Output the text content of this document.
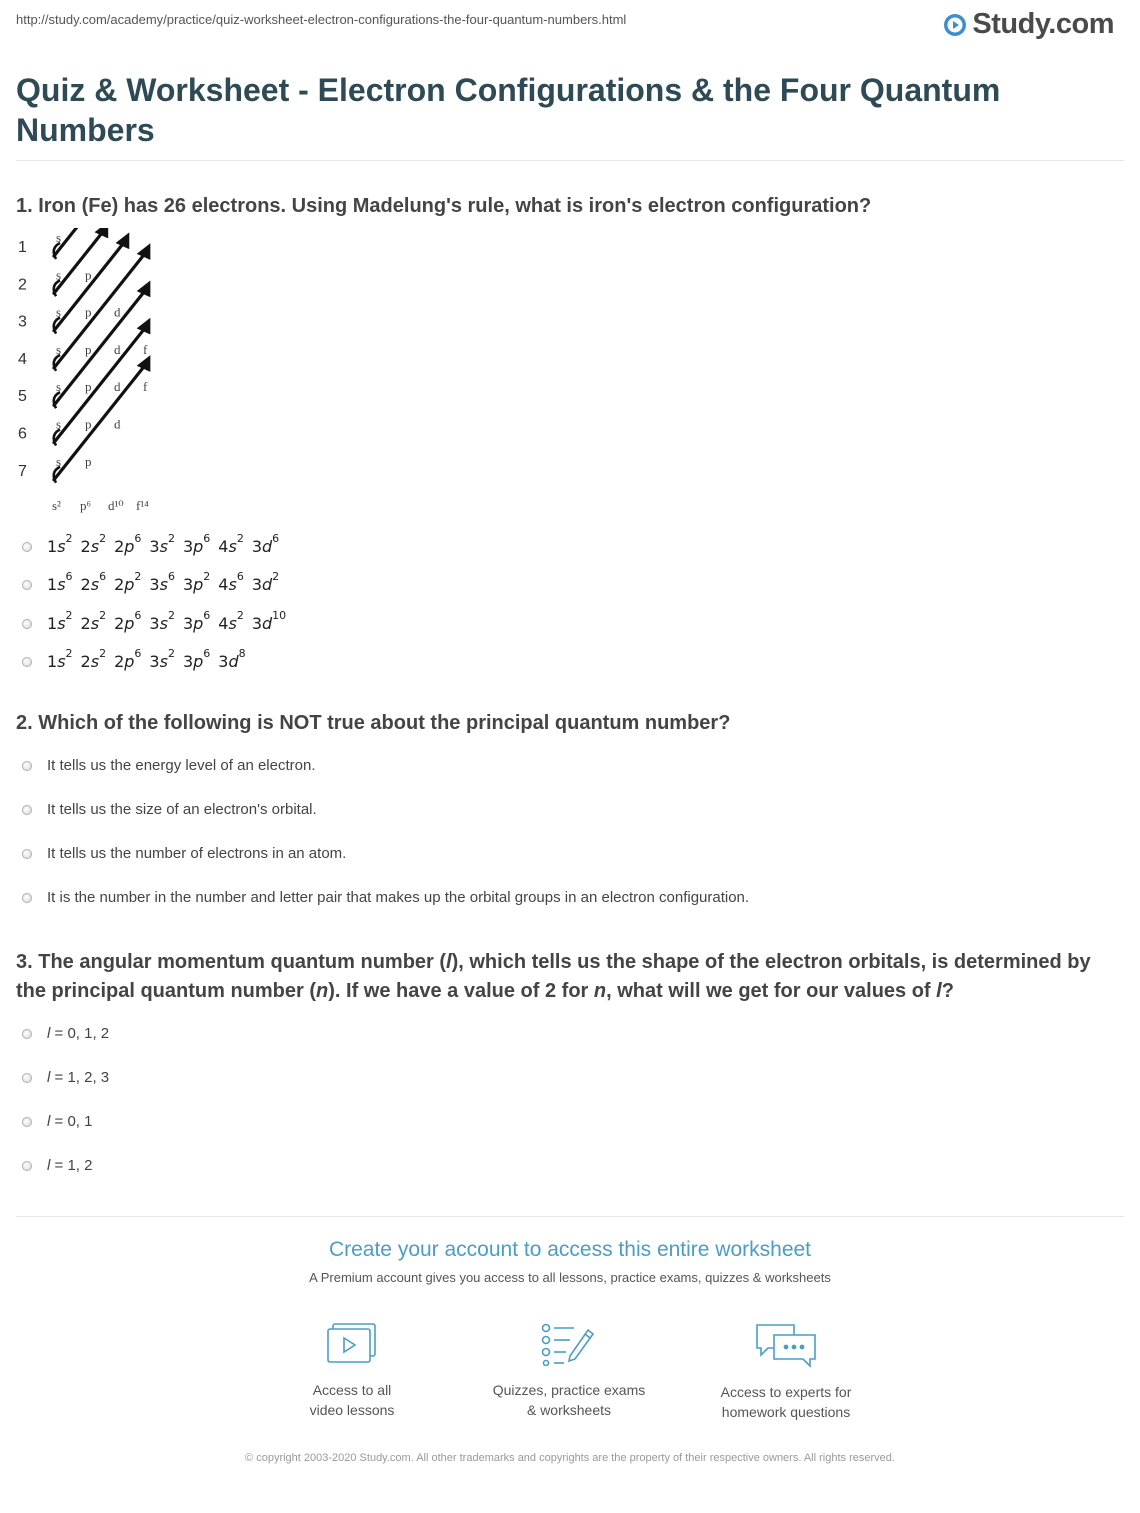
http://study.com/academy/practice/quiz-worksheet-electron-configurations-the-four-quantum-numbers.html	Study.com
Quiz & Worksheet - Electron Configurations & the Four Quantum Numbers
1. Iron (Fe) has 26 electrons. Using Madelung's rule, what is iron's electron configuration?
1
2
3
4
5
6
7
s
s p
s p d
s p d f
s p d f
s p d
s p
s² p⁶ d¹⁰ f¹⁴
$1s^2$ $2s^2$ $2p^6$ $3s^2$ $3p^6$ $4s^2$ $3d^6$
$1s^6$ $2s^6$ $2p^2$ $3s^6$ $3p^2$ $4s^6$ $3d^2$
$1s^2$ $2s^2$ $2p^6$ $3s^2$ $3p^6$ $4s^2$ $3d^{10}$
$1s^2$ $2s^2$ $2p^6$ $3s^2$ $3p^6$ $3d^8$
2. Which of the following is NOT true about the principal quantum number?
It tells us the energy level of an electron.
It tells us the size of an electron's orbital.
It tells us the number of electrons in an atom.
It is the number in the number and letter pair that makes up the orbital groups in an electron configuration.
3. The angular momentum quantum number (l), which tells us the shape of the electron orbitals, is determined by the principal quantum number (n). If we have a value of 2 for n, what will we get for our values of l?
l = 0, 1, 2
l = 1, 2, 3
l = 0, 1
l = 1, 2
Create your account to access this entire worksheet
A Premium account gives you access to all lessons, practice exams, quizzes & worksheets
Access to all
video lessons
Quizzes, practice exams
& worksheets
Access to experts for
homework questions
© copyright 2003-2020 Study.com. All other trademarks and copyrights are the property of their respective owners. All rights reserved.
